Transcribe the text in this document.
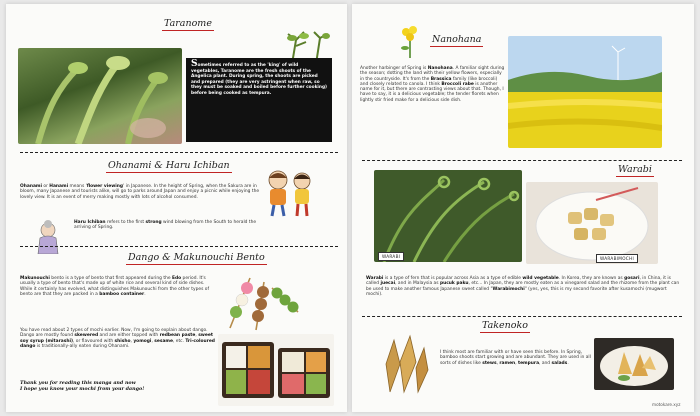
Taranome
Sometimes referred to as the 'king' of wild vegetables, Taranome are the fresh shoots of the Angelica plant. During spring, the shoots are picked and prepared (they are very astringent when raw, so they must be soaked and boiled before further cooking) before being cooked as tempura.
Ohanami & Haru Ichiban
Ohanami or Hanami means 'flower viewing' in Japanese. In the height of Spring, when the Sakura are in bloom, many Japanese and tourists alike, will go to parks around Japan and enjoy a picnic while enjoying the lovely view. It is an event of merry making mostly with lots of alcohol consumed.
Haru Ichiban refers to the first strong wind blowing from the South to herald the arriving of Spring.
Dango & Makunouchi Bento
Makunouchi bento is a type of bento that first appeared during the Edo period. It's usually a type of bento that's made up of white rice and several kind of side dishes. While it certainly has evolved, what distinguishes Makunouchi from the other types of bento are that they are packed in a bamboo container.
You have read about 2 types of mochi earlier. Now, I'm going to explain about dango. Dango are mostly found skewered and are either topped with redbean paste, sweet soy syrup (mitarashi), or flavoured with shisho, yomogi, sesame, etc. Tri-coloured dango is traditionally-ally eaten during Ohanami.
Thank you for reading this manga and now
I hope you know your mochi from your dango!
Nanohana
Another harbinger of Spring is Nanohana. A familiar sight during the season; dotting the land with their yellow flowers, especially in the countryside. It's from the Brassica family (like broccoli) and closely related to canola. I think Broccoli rabe is another name for it, but there are contrasting views about that. Though, I have to say, it is a delicious vegetable; the tender florets when lightly stir fried make for a delicious side dish.
Warabi
WARABI	WARABIMOCHI
Warabi is a type of fern that is popular across Asia as a type of edible wild vegetable. In Korea, they are known as gosari, in China, it is called juecai, and in Malaysia as pucuk paku, etc... In Japan, they are mostly eaten as a vinegared salad and the rhizome from the plant can be used to make another famous Japanese sweet called "Warabimochi" (yes, yes, this is my second favorite after kusamochi (mugwort mochi).
Takenoko
I think most are familiar with or have seen this before. In Spring, bamboo shoots start growing and are abundant. They are used in all sorts of dishes like stews, ramen, tempura, and salads.
motokare.xyz
